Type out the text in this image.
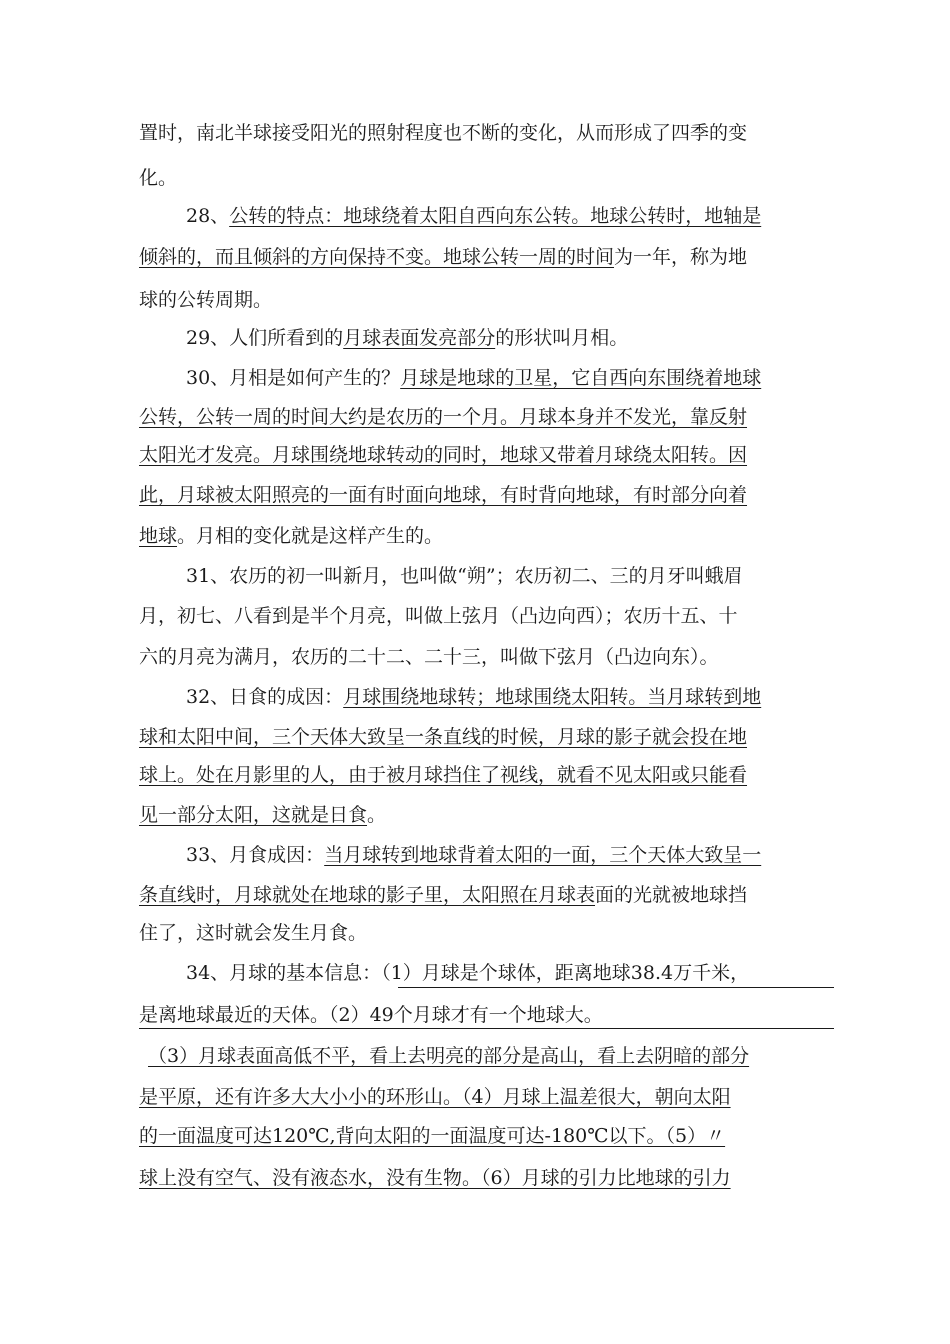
置时，南北半球接受阳光的照射程度也不断的变化，从而形成了四季的变
化。
28、公转的特点：地球绕着太阳自西向东公转。地球公转时，地轴是
倾斜的，而且倾斜的方向保持不变。地球公转一周的时间为一年，称为地
球的公转周期。
29、人们所看到的月球表面发亮部分的形状叫月相。
30、月相是如何产生的？月球是地球的卫星，它自西向东围绕着地球
公转，公转一周的时间大约是农历的一个月。月球本身并不发光，靠反射
太阳光才发亮。月球围绕地球转动的同时，地球又带着月球绕太阳转。因
此，月球被太阳照亮的一面有时面向地球，有时背向地球，有时部分向着
地球。月相的变化就是这样产生的。
31、农历的初一叫新月，也叫做“朔”；农历初二、三的月牙叫蛾眉
月，初七、八看到是半个月亮，叫做上弦月（凸边向西）；农历十五、十
六的月亮为满月，农历的二十二、二十三，叫做下弦月（凸边向东）。
32、日食的成因：月球围绕地球转；地球围绕太阳转。当月球转到地
球和太阳中间，三个天体大致呈一条直线的时候，月球的影子就会投在地
球上。处在月影里的人，由于被月球挡住了视线，就看不见太阳或只能看
见一部分太阳，这就是日食。
33、月食成因：当月球转到地球背着太阳的一面，三个天体大致呈一
条直线时，月球就处在地球的影子里，太阳照在月球表面的光就被地球挡
住了，这时就会发生月食。
34、月球的基本信息：（1）月球是个球体，距离地球38.4万千米，
是离地球最近的天体。（2）49个月球才有一个地球大。
（3）月球表面高低不平，看上去明亮的部分是高山，看上去阴暗的部分
是平原，还有许多大大小小的环形山。（4）月球上温差很大，朝向太阳
的一面温度可达120℃,背向太阳的一面温度可达-180℃以下。（5）〃
球上没有空气、没有液态水，没有生物。（6）月球的引力比地球的引力
